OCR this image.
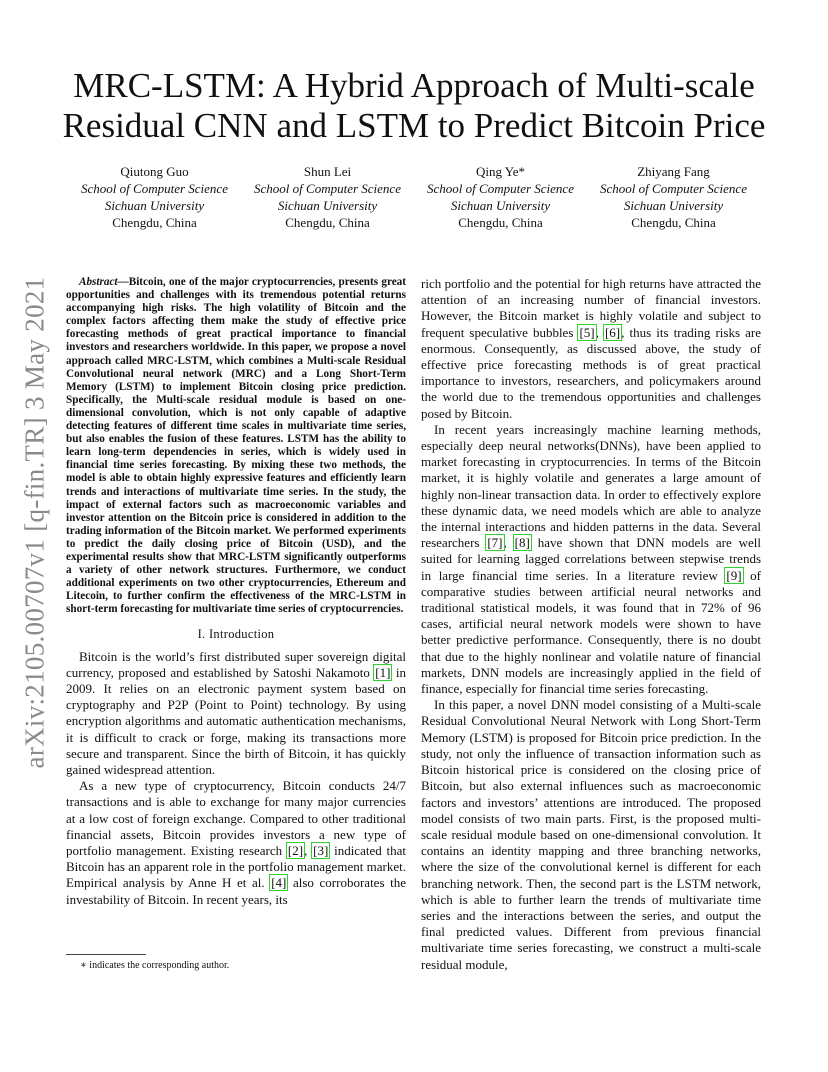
arXiv:2105.00707v1 [q-fin.TR] 3 May 2021
MRC-LSTM: A Hybrid Approach of Multi-scale
Residual CNN and LSTM to Predict Bitcoin Price
Qiutong Guo
School of Computer Science
Sichuan University
Chengdu, China
Shun Lei
School of Computer Science
Sichuan University
Chengdu, China
Qing Ye*
School of Computer Science
Sichuan University
Chengdu, China
Zhiyang Fang
School of Computer Science
Sichuan University
Chengdu, China

Abstract—Bitcoin, one of the major cryptocurrencies, presents great opportunities and challenges with its tremendous potential returns accompanying high risks. The high volatility of Bitcoin and the complex factors affecting them make the study of effective price forecasting methods of great practical importance to financial investors and researchers worldwide. In this paper, we propose a novel approach called MRC-LSTM, which combines a Multi-scale Residual Convolutional neural network (MRC) and a Long Short-Term Memory (LSTM) to implement Bitcoin closing price prediction. Specifically, the Multi-scale residual module is based on one-dimensional convolution, which is not only capable of adaptive detecting features of different time scales in multivariate time series, but also enables the fusion of these features. LSTM has the ability to learn long-term dependencies in series, which is widely used in financial time series forecasting. By mixing these two methods, the model is able to obtain highly expressive features and efficiently learn trends and interactions of multivariate time series. In the study, the impact of external factors such as macroeconomic variables and investor attention on the Bitcoin price is considered in addition to the trading information of the Bitcoin market. We performed experiments to predict the daily closing price of Bitcoin (USD), and the experimental results show that MRC-LSTM significantly outperforms a variety of other network structures. Furthermore, we conduct additional experiments on two other cryptocurrencies, Ethereum and Litecoin, to further confirm the effectiveness of the MRC-LSTM in short-term forecasting for multivariate time series of cryptocurrencies.

I. Introduction

Bitcoin is the world’s first distributed super sovereign digital currency, proposed and established by Satoshi Nakamoto [1] in 2009. It relies on an electronic payment system based on cryptography and P2P (Point to Point) technology. By using encryption algorithms and automatic authentication mechanisms, it is difficult to crack or forge, making its transactions more secure and transparent. Since the birth of Bitcoin, it has quickly gained widespread attention.

As a new type of cryptocurrency, Bitcoin conducts 24/7 transactions and is able to exchange for many major currencies at a low cost of foreign exchange. Compared to other traditional financial assets, Bitcoin provides investors a new type of portfolio management. Existing research [2], [3] indicated that Bitcoin has an apparent role in the portfolio management market. Empirical analysis by Anne H et al. [4] also corroborates the investability of Bitcoin. In recent years, its

rich portfolio and the potential for high returns have attracted the attention of an increasing number of financial investors. However, the Bitcoin market is highly volatile and subject to frequent speculative bubbles [5], [6], thus its trading risks are enormous. Consequently, as discussed above, the study of effective price forecasting methods is of great practical importance to investors, researchers, and policymakers around the world due to the tremendous opportunities and challenges posed by Bitcoin.

In recent years increasingly machine learning methods, especially deep neural networks(DNNs), have been applied to market forecasting in cryptocurrencies. In terms of the Bitcoin market, it is highly volatile and generates a large amount of highly non-linear transaction data. In order to effectively explore these dynamic data, we need models which are able to analyze the internal interactions and hidden patterns in the data. Several researchers [7], [8] have shown that DNN models are well suited for learning lagged correlations between stepwise trends in large financial time series. In a literature review [9] of comparative studies between artificial neural networks and traditional statistical models, it was found that in 72% of 96 cases, artificial neural network models were shown to have better predictive performance. Consequently, there is no doubt that due to the highly nonlinear and volatile nature of financial markets, DNN models are increasingly applied in the field of finance, especially for financial time series forecasting.

In this paper, a novel DNN model consisting of a Multi-scale Residual Convolutional Neural Network with Long Short-Term Memory (LSTM) is proposed for Bitcoin price prediction. In the study, not only the influence of transaction information such as Bitcoin historical price is considered on the closing price of Bitcoin, but also external influences such as macroeconomic factors and investors’ attentions are introduced. The proposed model consists of two main parts. First, is the proposed multi-scale residual module based on one-dimensional convolution. It contains an identity mapping and three branching networks, where the size of the convolutional kernel is different for each branching network. Then, the second part is the LSTM network, which is able to further learn the trends of multivariate time series and the interactions between the series, and output the final predicted values. Different from previous financial multivariate time series forecasting, we construct a multi-scale residual module,

∗ indicates the corresponding author.
